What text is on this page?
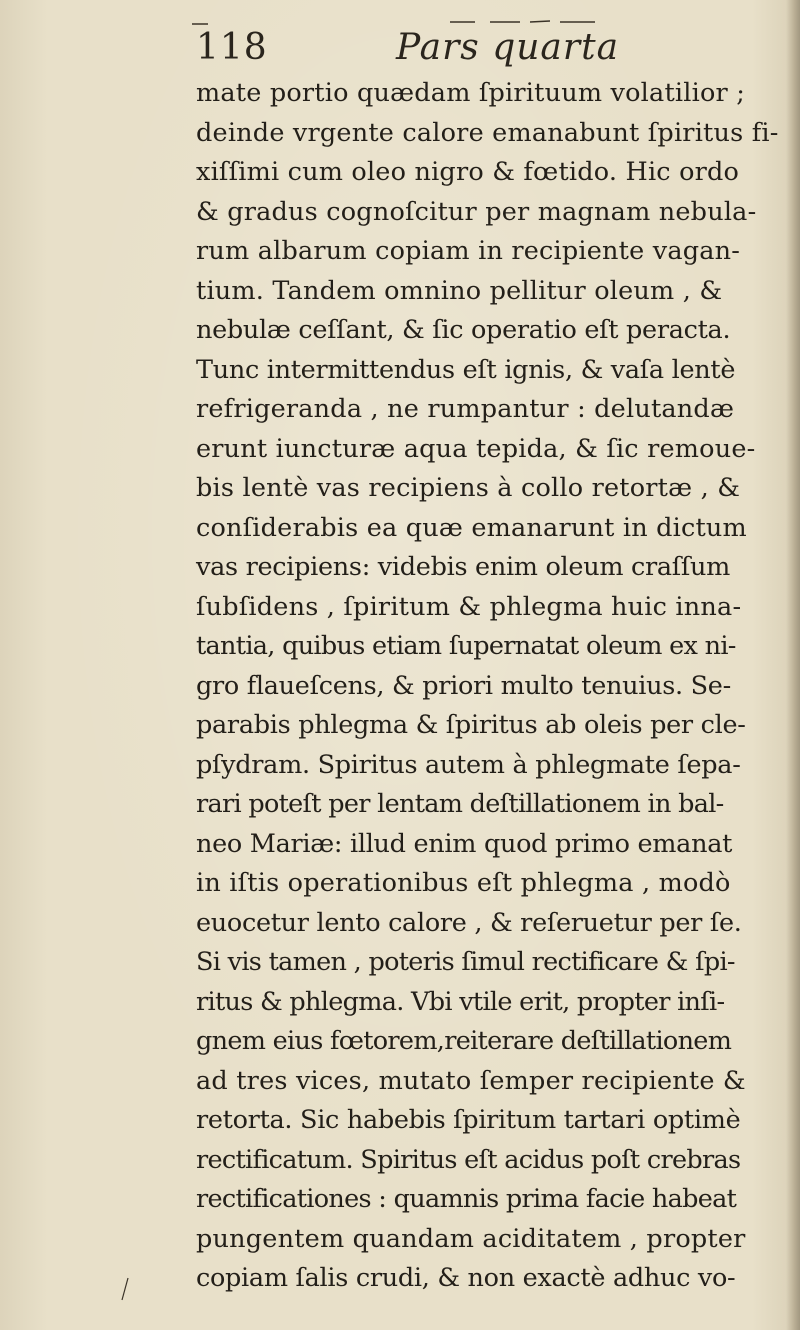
118	Pars quarta
mate portio quædam ſpirituum volatilior ;
deinde vrgente calore emanabunt ſpiritus fi-
xiſſimi cum oleo nigro & fœtido. Hic ordo
& gradus cognoſcitur per magnam nebula-
rum albarum copiam in recipiente vagan-
tium. Tandem omnino pellitur oleum , &
nebulæ ceſſant, & ſic operatio eſt peracta.
Tunc intermittendus eſt ignis, & vaſa lentè
refrigeranda , ne rumpantur : delutandæ
erunt iuncturæ aqua tepida, & ſic remoue-
bis lentè vas recipiens à collo retortæ , &
conſiderabis ea quæ emanarunt in dictum
vas recipiens: videbis enim oleum craſſum
ſubſidens , ſpiritum & phlegma huic inna-
tantia, quibus etiam ſupernatat oleum ex ni-
gro flaueſcens, & priori multo tenuius. Se-
parabis phlegma & ſpiritus ab oleis per cle-
pſydram. Spiritus autem à phlegmate ſepa-
rari poteſt per lentam deſtillationem in bal-
neo Mariæ: illud enim quod primo emanat
in iſtis operationibus eſt phlegma , modò
euocetur lento calore , & reſeruetur per ſe.
Si vis tamen , poteris ſimul rectificare & ſpi-
ritus & phlegma. Vbi vtile erit, propter inſi-
gnem eius fœtorem,reiterare deſtillationem
ad tres vices, mutato ſemper recipiente &
retorta. Sic habebis ſpiritum tartari optimè
rectificatum. Spiritus eſt acidus poſt crebras
rectificationes : quamnis prima facie habeat
pungentem quandam aciditatem , propter
copiam ſalis crudi, & non exactè adhuc vo-
